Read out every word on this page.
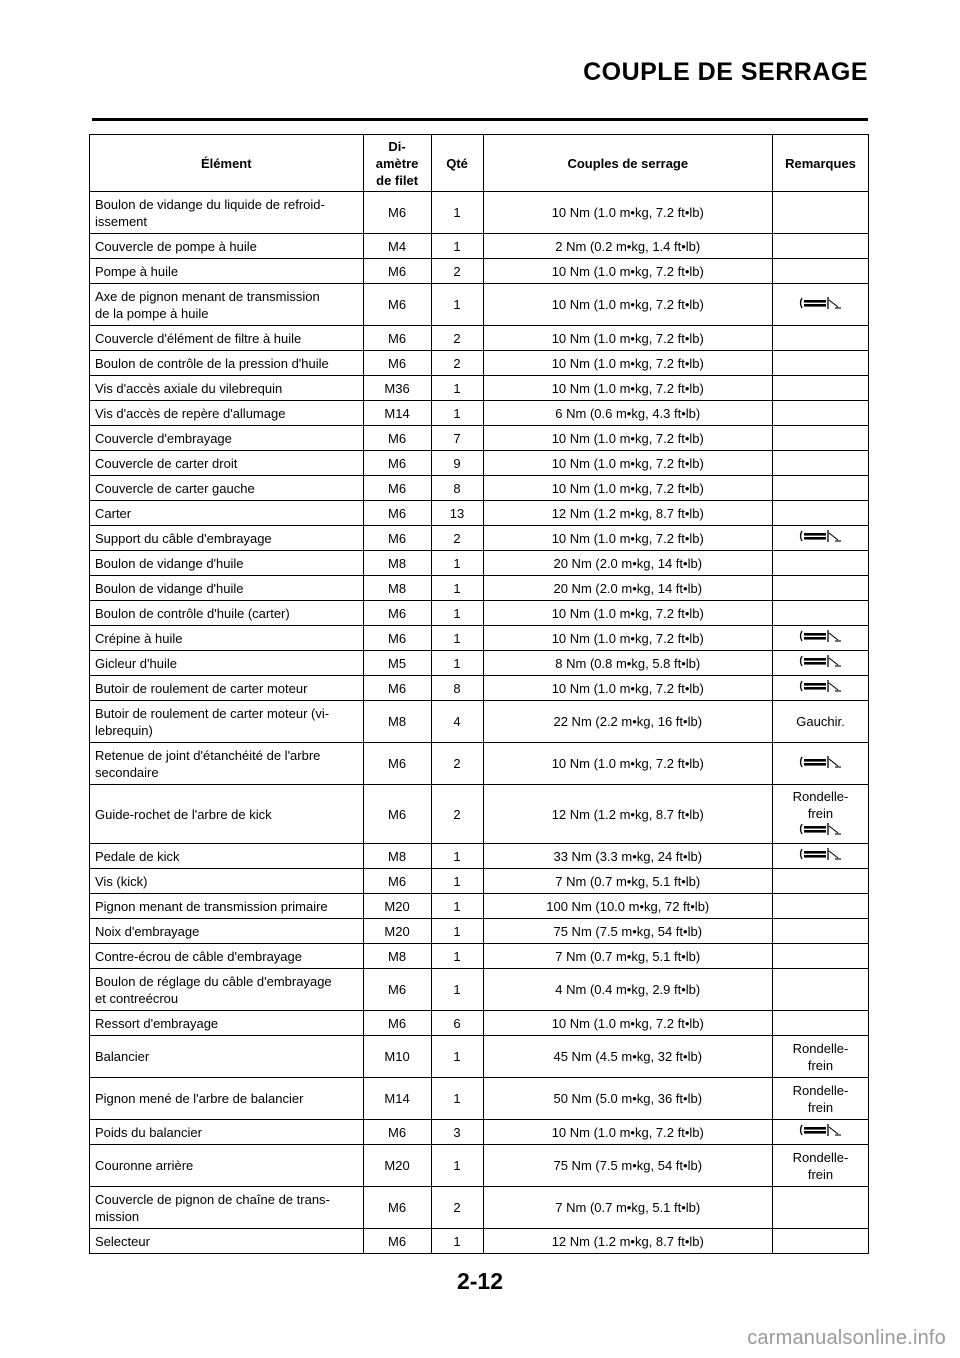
COUPLE DE SERRAGE
Élément	Di-
amètre
de filet	Qté	Couples de serrage	Remarques

Boulon de vidange du liquide de refroid-
issement	M6	1	10 Nm (1.0 m•kg, 7.2 ft•lb)	

Couvercle de pompe à huile	M4	1	2 Nm (0.2 m•kg, 1.4 ft•lb)	

Pompe à huile	M6	2	10 Nm (1.0 m•kg, 7.2 ft•lb)	

Axe de pignon menant de transmission
de la pompe à huile	M6	1	10 Nm (1.0 m•kg, 7.2 ft•lb)	

Couvercle d'élément de filtre à huile	M6	2	10 Nm (1.0 m•kg, 7.2 ft•lb)	

Boulon de contrôle de la pression d'huile	M6	2	10 Nm (1.0 m•kg, 7.2 ft•lb)	

Vis d'accès axiale du vilebrequin	M36	1	10 Nm (1.0 m•kg, 7.2 ft•lb)	

Vis d'accès de repère d'allumage	M14	1	6 Nm (0.6 m•kg, 4.3 ft•lb)	

Couvercle d'embrayage	M6	7	10 Nm (1.0 m•kg, 7.2 ft•lb)	

Couvercle de carter droit	M6	9	10 Nm (1.0 m•kg, 7.2 ft•lb)	

Couvercle de carter gauche	M6	8	10 Nm (1.0 m•kg, 7.2 ft•lb)	

Carter	M6	13	12 Nm (1.2 m•kg, 8.7 ft•lb)	

Support du câble d'embrayage	M6	2	10 Nm (1.0 m•kg, 7.2 ft•lb)	

Boulon de vidange d'huile	M8	1	20 Nm (2.0 m•kg, 14 ft•lb)	

Boulon de vidange d'huile	M8	1	20 Nm (2.0 m•kg, 14 ft•lb)	

Boulon de contrôle d'huile (carter)	M6	1	10 Nm (1.0 m•kg, 7.2 ft•lb)	

Crépine à huile	M6	1	10 Nm (1.0 m•kg, 7.2 ft•lb)	

Gicleur d'huile	M5	1	8 Nm (0.8 m•kg, 5.8 ft•lb)	

Butoir de roulement de carter moteur	M6	8	10 Nm (1.0 m•kg, 7.2 ft•lb)	

Butoir de roulement de carter moteur (vi-
lebrequin)	M8	4	22 Nm (2.2 m•kg, 16 ft•lb)	Gauchir.

Retenue de joint d'étanchéité de l'arbre
secondaire	M6	2	10 Nm (1.0 m•kg, 7.2 ft•lb)	

Guide-rochet de l'arbre de kick	M6	2	12 Nm (1.2 m•kg, 8.7 ft•lb)	Rondelle-
frein

Pedale de kick	M8	1	33 Nm (3.3 m•kg, 24 ft•lb)	

Vis (kick)	M6	1	7 Nm (0.7 m•kg, 5.1 ft•lb)	

Pignon menant de transmission primaire	M20	1	100 Nm (10.0 m•kg, 72 ft•lb)	

Noix d'embrayage	M20	1	75 Nm (7.5 m•kg, 54 ft•lb)	

Contre-écrou de câble d'embrayage	M8	1	7 Nm (0.7 m•kg, 5.1 ft•lb)	

Boulon de réglage du câble d'embrayage
et contreécrou	M6	1	4 Nm (0.4 m•kg, 2.9 ft•lb)	

Ressort d'embrayage	M6	6	10 Nm (1.0 m•kg, 7.2 ft•lb)	

Balancier	M10	1	45 Nm (4.5 m•kg, 32 ft•lb)	Rondelle-
frein

Pignon mené de l'arbre de balancier	M14	1	50 Nm (5.0 m•kg, 36 ft•lb)	Rondelle-
frein

Poids du balancier	M6	3	10 Nm (1.0 m•kg, 7.2 ft•lb)	

Couronne arrière	M20	1	75 Nm (7.5 m•kg, 54 ft•lb)	Rondelle-
frein

Couvercle de pignon de chaîne de trans-
mission	M6	2	7 Nm (0.7 m•kg, 5.1 ft•lb)	

Selecteur	M6	1	12 Nm (1.2 m•kg, 8.7 ft•lb)	
2-12
carmanualsonline.info
